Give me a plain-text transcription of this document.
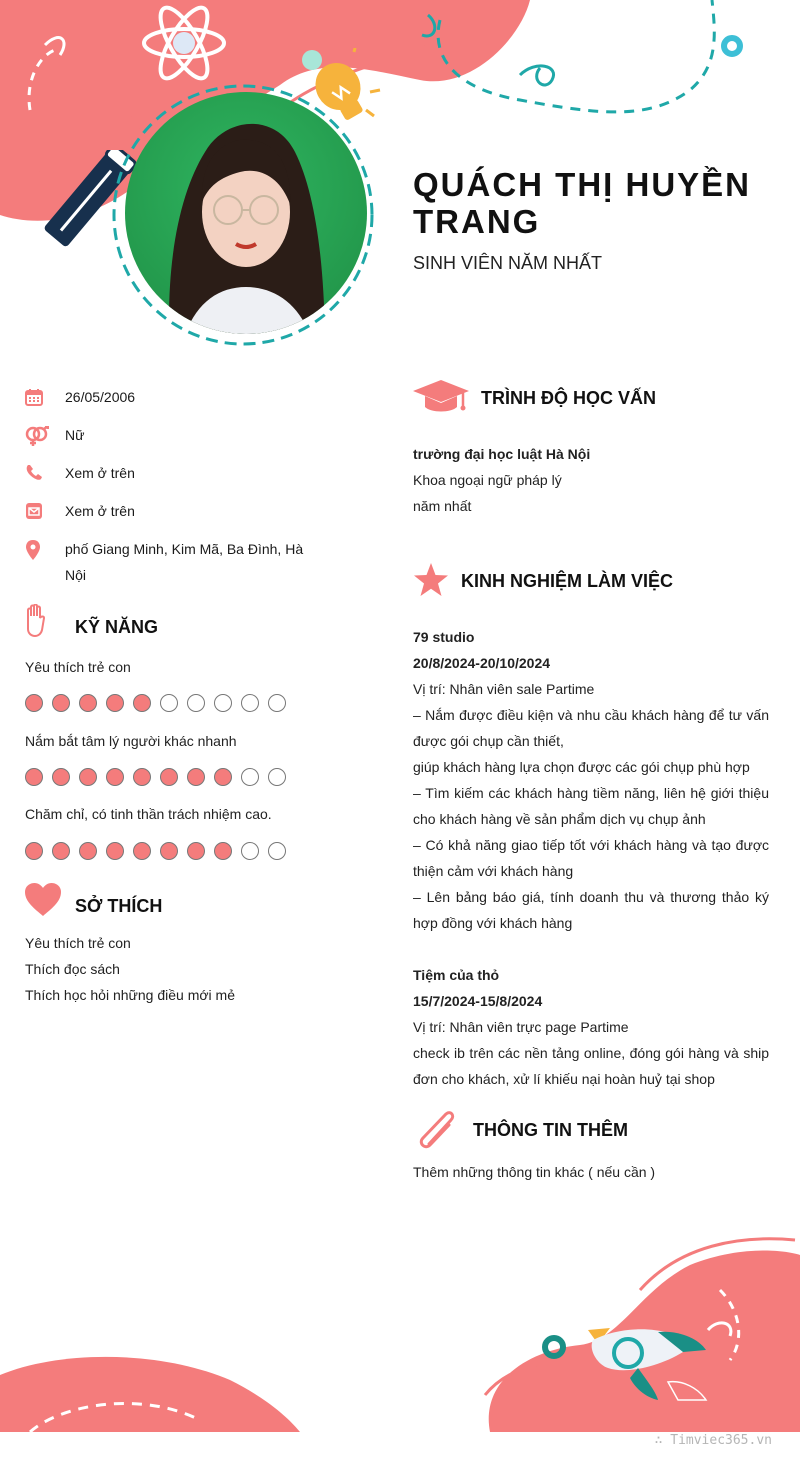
QUÁCH THỊ HUYỀN TRANG
SINH VIÊN NĂM NHẤT
26/05/2006
Nữ
Xem ở trên
Xem ở trên
phố Giang Minh, Kim Mã, Ba Đình, Hà Nội
KỸ NĂNG
Yêu thích trẻ con
Nắm bắt tâm lý người khác nhanh
Chăm chỉ, có tinh thần trách nhiệm cao.
SỞ THÍCH
Yêu thích trẻ con
Thích đọc sách
Thích học hỏi những điều mới mẻ
TRÌNH ĐỘ HỌC VẤN
trường đại học luật Hà Nội
Khoa ngoại ngữ pháp lý
năm nhất
KINH NGHIỆM LÀM VIỆC
79 studio
20/8/2024-20/10/2024
Vị trí: Nhân viên sale Partime
– Nắm được điều kiện và nhu cầu khách hàng để tư vấn được gói chụp cần thiết,
giúp khách hàng lựa chọn được các gói chụp phù hợp
– Tìm kiếm các khách hàng tiềm năng, liên hệ giới thiệu cho khách hàng về sản phẩm dịch vụ chụp ảnh
– Có khả năng giao tiếp tốt với khách hàng và tạo được thiện cảm với khách hàng
– Lên bảng báo giá, tính doanh thu và thương thảo ký hợp đồng với khách hàng
Tiệm của thỏ
15/7/2024-15/8/2024
Vị trí: Nhân viên trực page Partime
check ib trên các nền tảng online, đóng gói hàng và ship đơn cho khách, xử lí khiếu nại hoàn huỷ tại shop
THÔNG TIN THÊM
Thêm những thông tin khác ( nếu cần )
∴ Timviec365.vn
